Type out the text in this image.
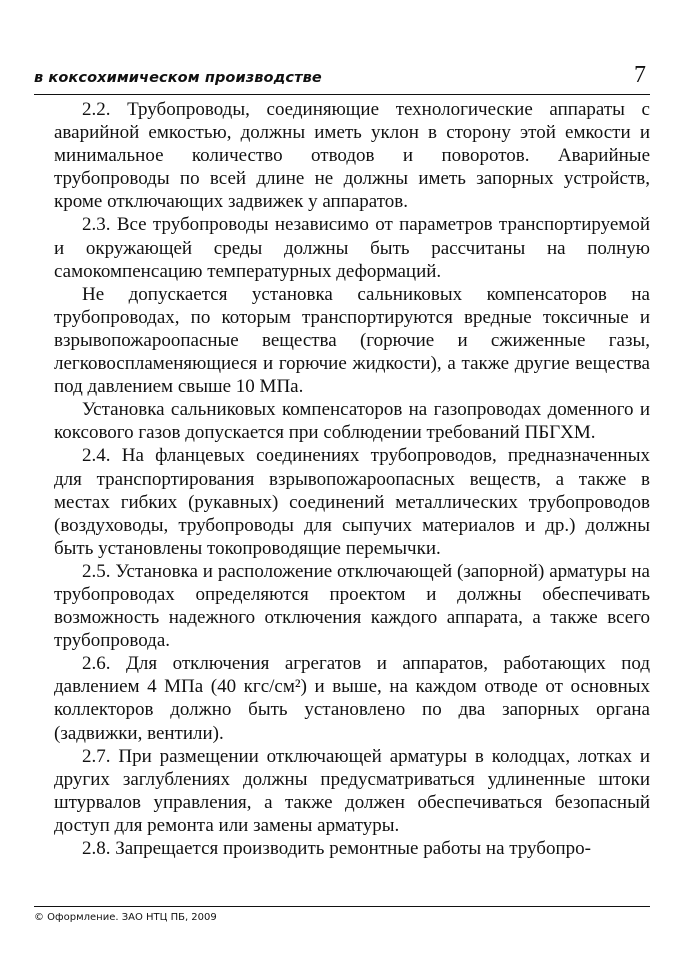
в коксохимическом производстве	7

2.2. Трубопроводы, соединяющие технологические аппараты с аварийной емкостью, должны иметь уклон в сторону этой емкости и минимальное количество отводов и поворотов. Аварийные трубопроводы по всей длине не должны иметь запорных устройств, кроме отключающих задвижек у аппаратов.

2.3. Все трубопроводы независимо от параметров транспортируемой и окружающей среды должны быть рассчитаны на полную самокомпенсацию температурных деформаций.

Не допускается установка сальниковых компенсаторов на трубопроводах, по которым транспортируются вредные токсичные и взрывопожароопасные вещества (горючие и сжиженные газы, легковоспламеняющиеся и горючие жидкости), а также другие вещества под давлением свыше 10 МПа.

Установка сальниковых компенсаторов на газопроводах доменного и коксового газов допускается при соблюдении требований ПБГХМ.

2.4. На фланцевых соединениях трубопроводов, предназначенных для транспортирования взрывопожароопасных веществ, а также в местах гибких (рукавных) соединений металлических трубопроводов (воздуховоды, трубопроводы для сыпучих материалов и др.) должны быть установлены токопроводящие перемычки.

2.5. Установка и расположение отключающей (запорной) арматуры на трубопроводах определяются проектом и должны обеспечивать возможность надежного отключения каждого аппарата, а также всего трубопровода.

2.6. Для отключения агрегатов и аппаратов, работающих под давлением 4 МПа (40 кгс/см²) и выше, на каждом отводе от основных коллекторов должно быть установлено по два запорных органа (задвижки, вентили).

2.7. При размещении отключающей арматуры в колодцах, лотках и других заглублениях должны предусматриваться удлиненные штоки штурвалов управления, а также должен обеспечиваться безопасный доступ для ремонта или замены арматуры.

2.8. Запрещается производить ремонтные работы на трубопро-

© Оформление. ЗАО НТЦ ПБ, 2009
